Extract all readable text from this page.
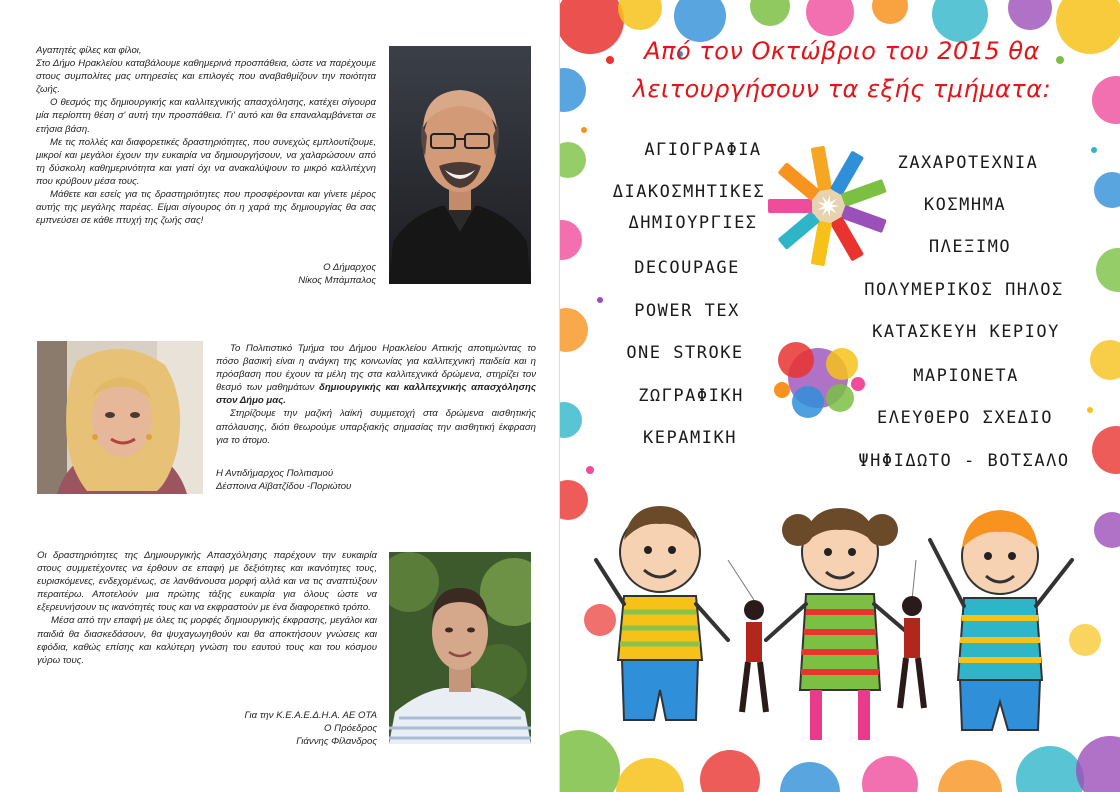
Αγαπητές φίλες και φίλοι,

Στο Δήμο Ηρακλείου καταβάλουμε καθημερινά προσπάθεια, ώστε να παρέχουμε στους συμπολίτες μας υπηρεσίες και επιλογές που αναβαθμίζουν την ποιότητα ζωής.

Ο θεσμός της δημιουργικής και καλλιτεχνικής απασχόλησης, κατέχει σίγουρα μία περίοπτη θέση σ' αυτή την προσπάθεια. Γι' αυτό και θα επαναλαμβάνεται σε ετήσια βάση.

Με τις πολλές και διαφορετικές δραστηριότητες, που συνεχώς εμπλουτίζουμε, μικροί και μεγάλοι έχουν την ευκαιρία να δημιουργήσουν, να χαλαρώσουν από τη δύσκολη καθημερινότητα και γιατί όχι να ανακαλύψουν το μικρό καλλιτέχνη που κρύβουν μέσα τους.

Μάθετε και εσείς για τις δραστηριότητες που προσφέρονται και γίνετε μέρος αυτής της μεγάλης παρέας. Είμαι σίγουρος ότι η χαρά της δημιουργίας θα σας εμπνεύσει σε κάθε πτυχή της ζωής σας!

Ο Δήμαρχος
Νίκος Μπάμπαλος

Το Πολιτιστικό Τμήμα του Δήμου Ηρακλείου Αττικής αποτιμώντας το πόσο βασική είναι η ανάγκη της κοινωνίας για καλλιτεχνική παιδεία και η πρόσβαση που έχουν τα μέλη της στα καλλιτεχνικά δρώμενα, στηρίζει τον θεσμό των μαθημάτων δημιουργικής και καλλιτεχνικής απασχόλησης στον Δήμο μας.

Στηρίζουμε την μαζική λαϊκή συμμετοχή στα δρώμενα αισθητικής απόλαυσης, διότι θεωρούμε υπαρξιακής σημασίας την αισθητική έκφραση για το άτομο.

Η Αντιδήμαρχος Πολιτισμού
Δέσποινα Αϊβατζίδου -Ποριώτου

Οι δραστηριότητες της Δημιουργικής Απασχόλησης παρέχουν την ευκαιρία στους συμμετέχοντες να έρθουν σε επαφή με δεξιότητες και ικανότητες τους, ευρισκόμενες, ενδεχομένως, σε λανθάνουσα μορφή αλλά και να τις αναπτύξουν περαιτέρω. Αποτελούν μια πρώτης τάξης ευκαιρία για όλους ώστε να εξερευνήσουν τις ικανότητές τους και να εκφραστούν με ένα διαφορετικό τρόπο.

Μέσα από την επαφή με όλες τις μορφές δημιουργικής έκφρασης, μεγάλοι και παιδιά θα διασκεδάσουν, θα ψυχαγωγηθούν και θα αποκτήσουν γνώσεις και εφόδια, καθώς επίσης και καλύτερη γνώση του εαυτού τους και του κόσμου γύρω τους.

Για την Κ.Ε.Α.Ε.Δ.Η.Α. ΑΕ ΟΤΑ
Ο Πρόεδρος
Γιάννης Φίλανδρος
Από τον Οκτώβριο του 2015 θα
λειτουργήσουν τα εξής τμήματα:
ΑΓΙΟΓΡΑΦΙΑ
ΔΙΑΚΟΣΜΗΤΙΚΕΣ
ΔΗΜΙΟΥΡΓΙΕΣ
DECOUPAGE
POWER TEX
ONE STROKE
ΖΩΓΡΑΦΙΚΗ
ΚΕΡΑΜΙΚΗ
ΖΑΧΑΡΟΤΕΧΝΙΑ
ΚΟΣΜΗΜΑ
ΠΛΕΞΙΜΟ
ΠΟΛΥΜΕΡΙΚΟΣ ΠΗΛΟΣ
ΚΑΤΑΣΚΕΥΗ ΚΕΡΙΟΥ
ΜΑΡΙΟΝΕΤΑ
ΕΛΕΥΘΕΡΟ ΣΧΕΔΙΟ
ΨΗΦΙΔΩΤΟ - ΒΟΤΣΑΛΟ
